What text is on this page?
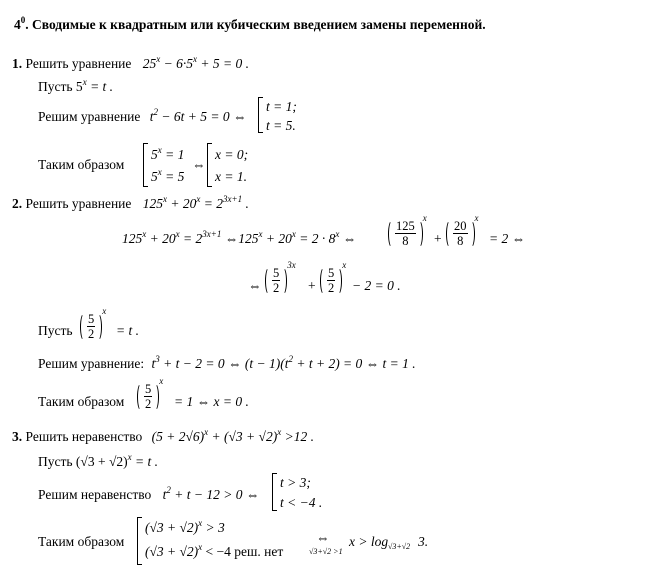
$4^0$. Сводимые к квадратным или кубическим введением замены переменной.
1. Решить уравнение $25^x - 6\cdot 5^x + 5 = 0$ .
Пусть $5^x = t$ .
Решим уравнение $t^2 - 6t + 5 = 0$ ⇔
t = 1;
t = 5.
Таким образом
$5^x = 1$
$5^x = 5$
⇔
x = 0;
x = 1.
2. Решить уравнение $125^x + 20^x = 2^{3x+1}$ .
$125^x + 20^x = 2^{3x+1}$ $\Leftrightarrow 125^x + 20^x = 2 \cdot 8^x$ ⇔	$\frac{125}{8}$
$^x$
+ $\frac{20}{8}$
$^x$
= 2 ⇔
⇔ $\frac{5}{2}$
$^{3x}$
+ $\frac{5}{2}$
$^x$
− 2 = 0 .
Пусть $\frac{5}{2}$
$^x$
= t .
Решим уравнение: $t^3 + t - 2 = 0$ ⇔ $(t - 1)(t^2 + t + 2) = 0$ ⇔ t = 1 .
Таким образом $\frac{5}{2}$
$^x$
= 1 ⇔ x = 0 .
3. Решить неравенство $(5 + 2√6)^x + (√3 + √2)^x >12$ .
Пусть $(√3 + √2)^x = t$ .
Решим неравенство $t^2 + t - 12 > 0$ ⇔
t > 3;
t < −4 .
Таким образом
$(√3 + √2)^x > 3$
$(√3 + √2)^x < -4$ реш. нет
⇔
√3+√2 >1
x > log √3+√2 3.
